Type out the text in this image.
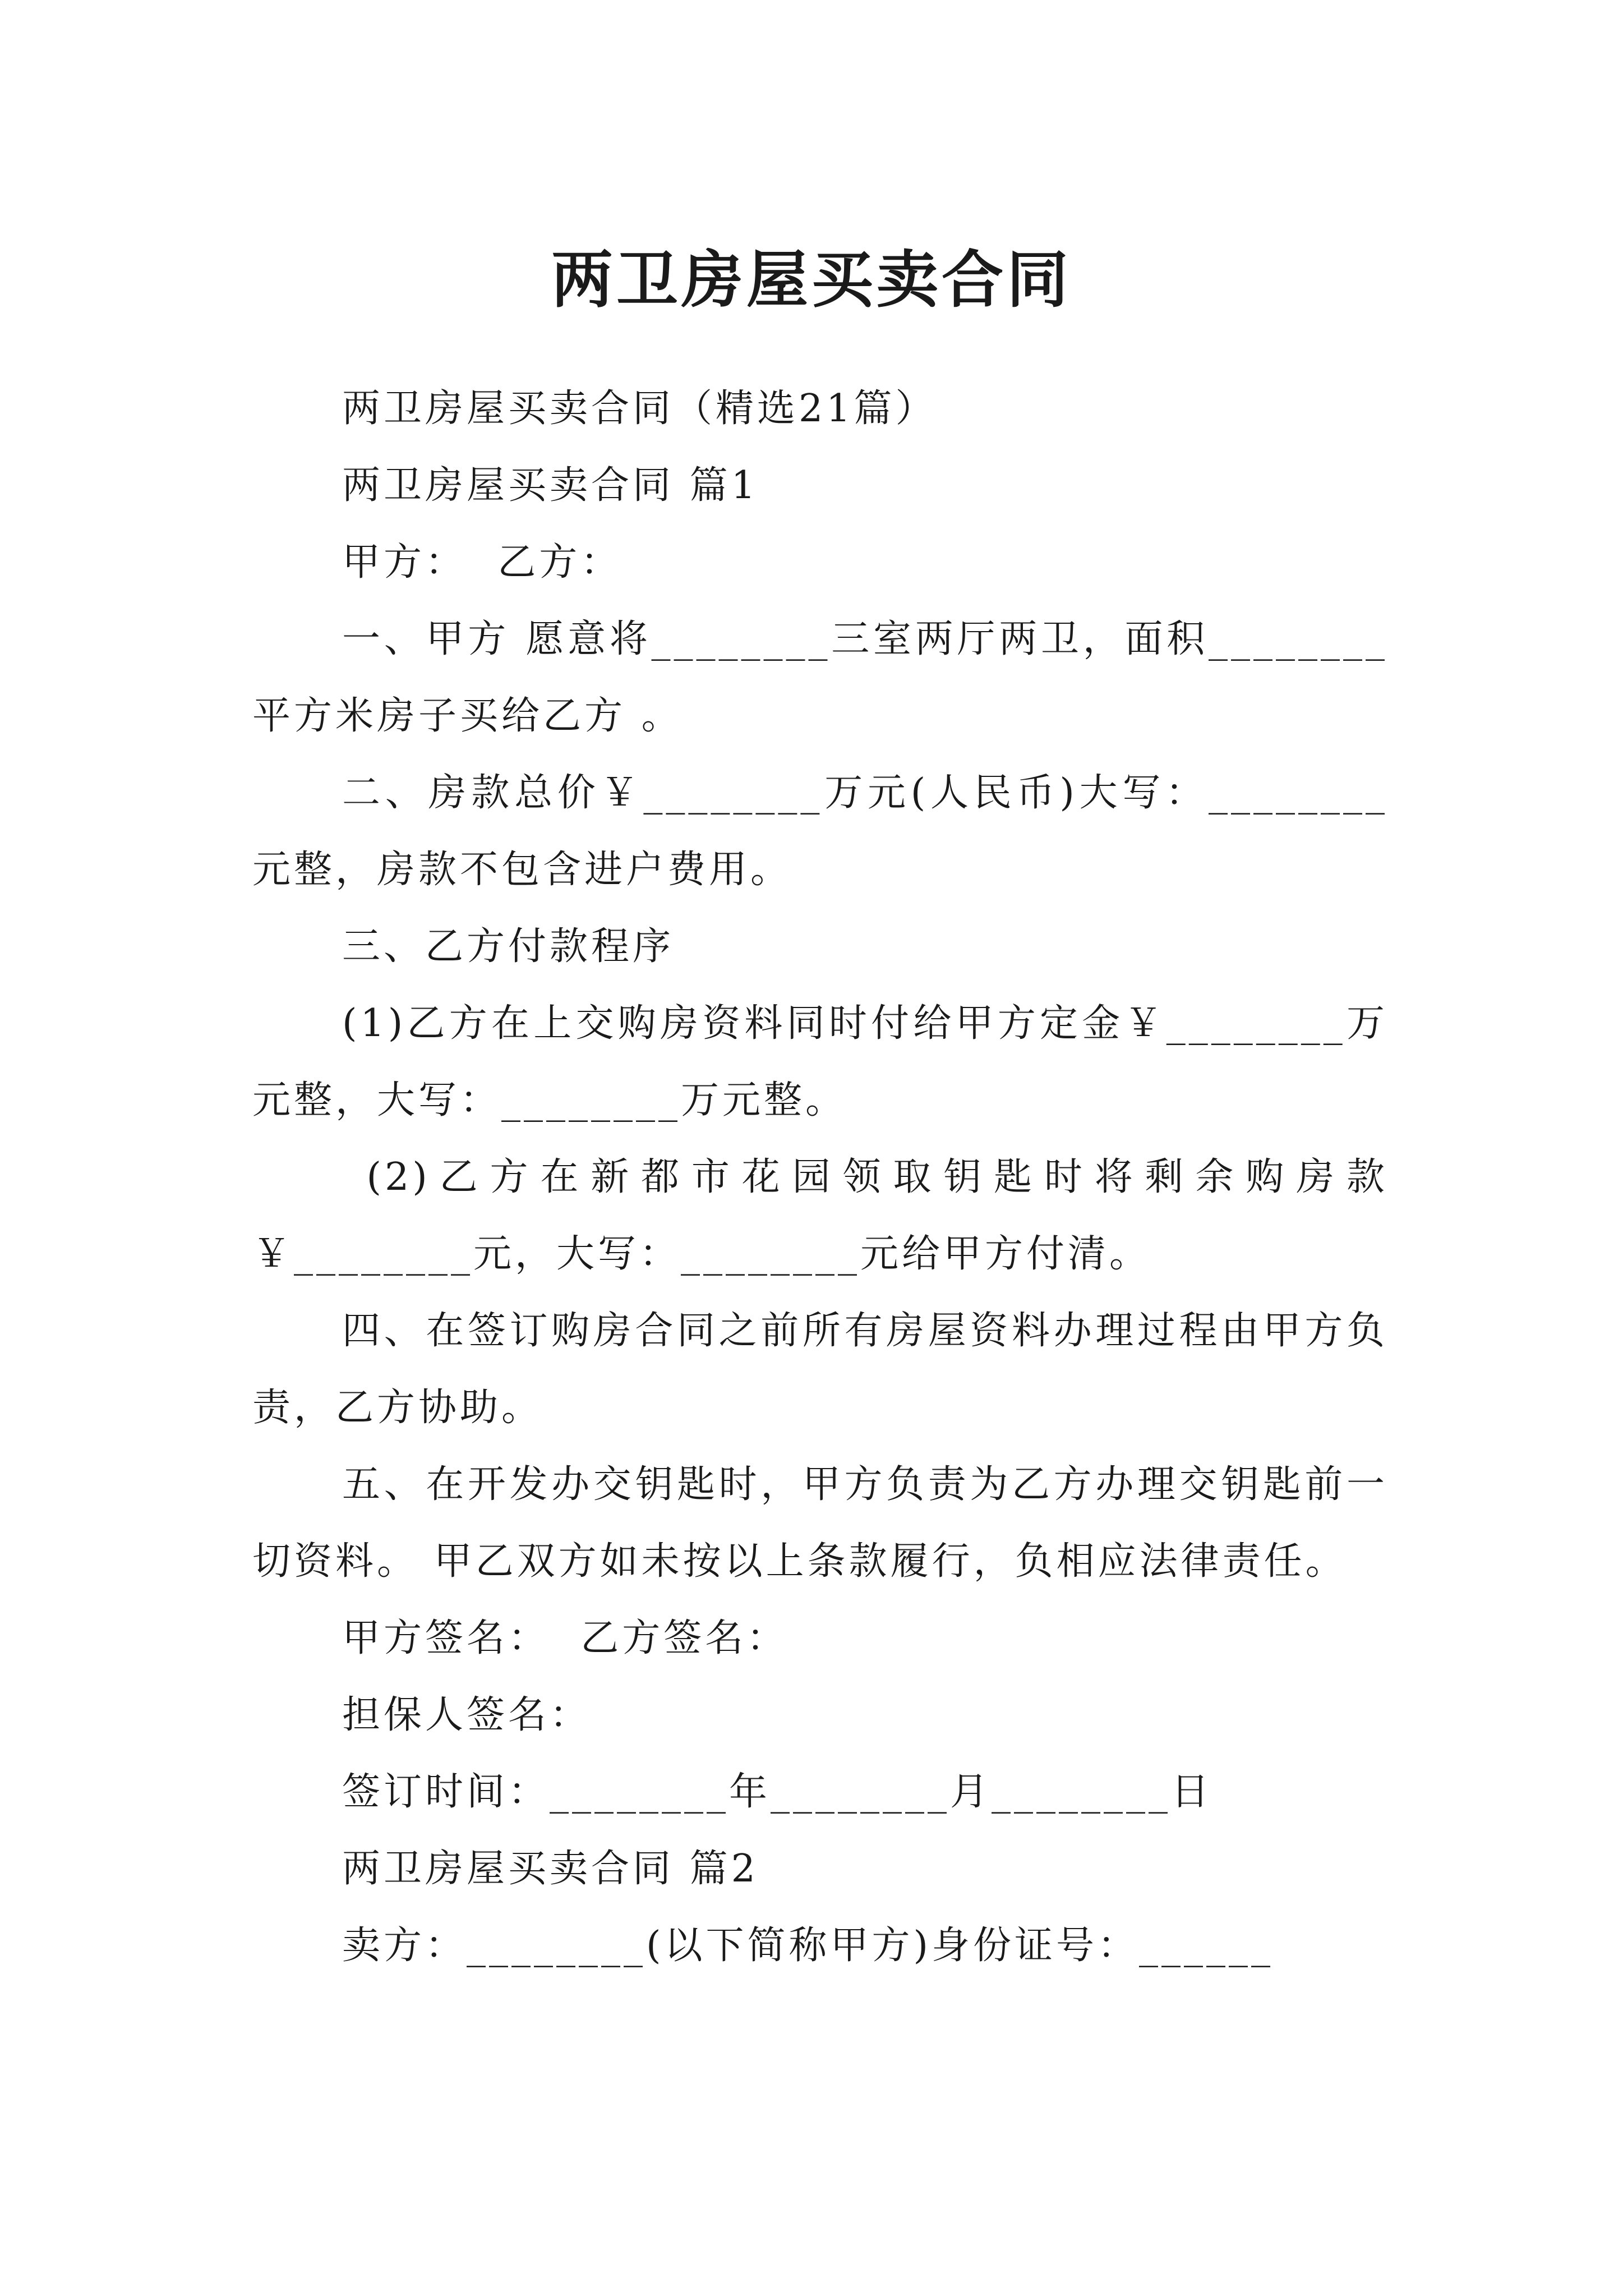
两卫房屋买卖合同

两卫房屋买卖合同（精选21篇）

两卫房屋买卖合同 篇1

甲方：  乙方：

一、甲方 愿意将________三室两厅两卫，面积________平方米房子买给乙方 。

二、房款总价￥________万元(人民币)大写：________元整，房款不包含进户费用。

三、乙方付款程序

(1)乙方在上交购房资料同时付给甲方定金￥________万元整，大写：________万元整。

(2)乙方在新都市花园领取钥匙时将剩余购房款￥________元，大写：________元给甲方付清。

四、在签订购房合同之前所有房屋资料办理过程由甲方负责，乙方协助。

五、在开发办交钥匙时，甲方负责为乙方办理交钥匙前一切资料。 甲乙双方如未按以上条款履行，负相应法律责任。

甲方签名：  乙方签名：

担保人签名：

签订时间：________年________月________日

两卫房屋买卖合同 篇2

卖方：________(以下简称甲方)身份证号：______
